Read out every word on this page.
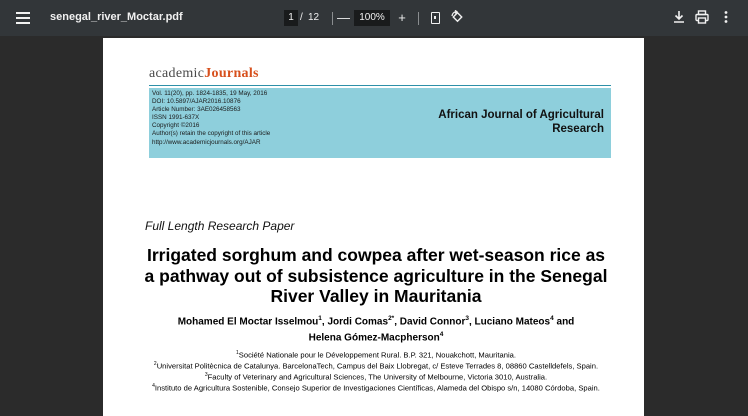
senegal_river_Moctar.pdf
1	/ 12 —
100%	+
academicJournals
Vol. 11(20), pp. 1824-1835, 19 May, 2016
DOI: 10.5897/AJAR2016.10876
Article Number: 3AE026458563
ISSN 1991-637X
Copyright ©2016
Author(s) retain the copyright of this article
http://www.academicjournals.org/AJAR
African Journal of Agricultural
Research
Full Length Research Paper
Irrigated sorghum and cowpea after wet-season rice as
a pathway out of subsistence agriculture in the Senegal
River Valley in Mauritania
Mohamed El Moctar Isselmou$^1$, Jordi Comas$^{2*}$, David Connor$^3$, Luciano Mateos$^4$ and
Helena Gómez-Macpherson$^4$
$^1$Société Nationale pour le Développement Rural. B.P. 321, Nouakchott, Mauritania.
$^2$Universitat Politècnica de Catalunya. BarcelonaTech, Campus del Baix Llobregat, c/ Esteve Terrades 8, 08860 Castelldefels, Spain.
$^3$Faculty of Veterinary and Agricultural Sciences, The University of Melbourne, Victoria 3010, Australia.
$^4$Instituto de Agricultura Sostenible, Consejo Superior de Investigaciones Científicas, Alameda del Obispo s/n, 14080 Córdoba, Spain.
